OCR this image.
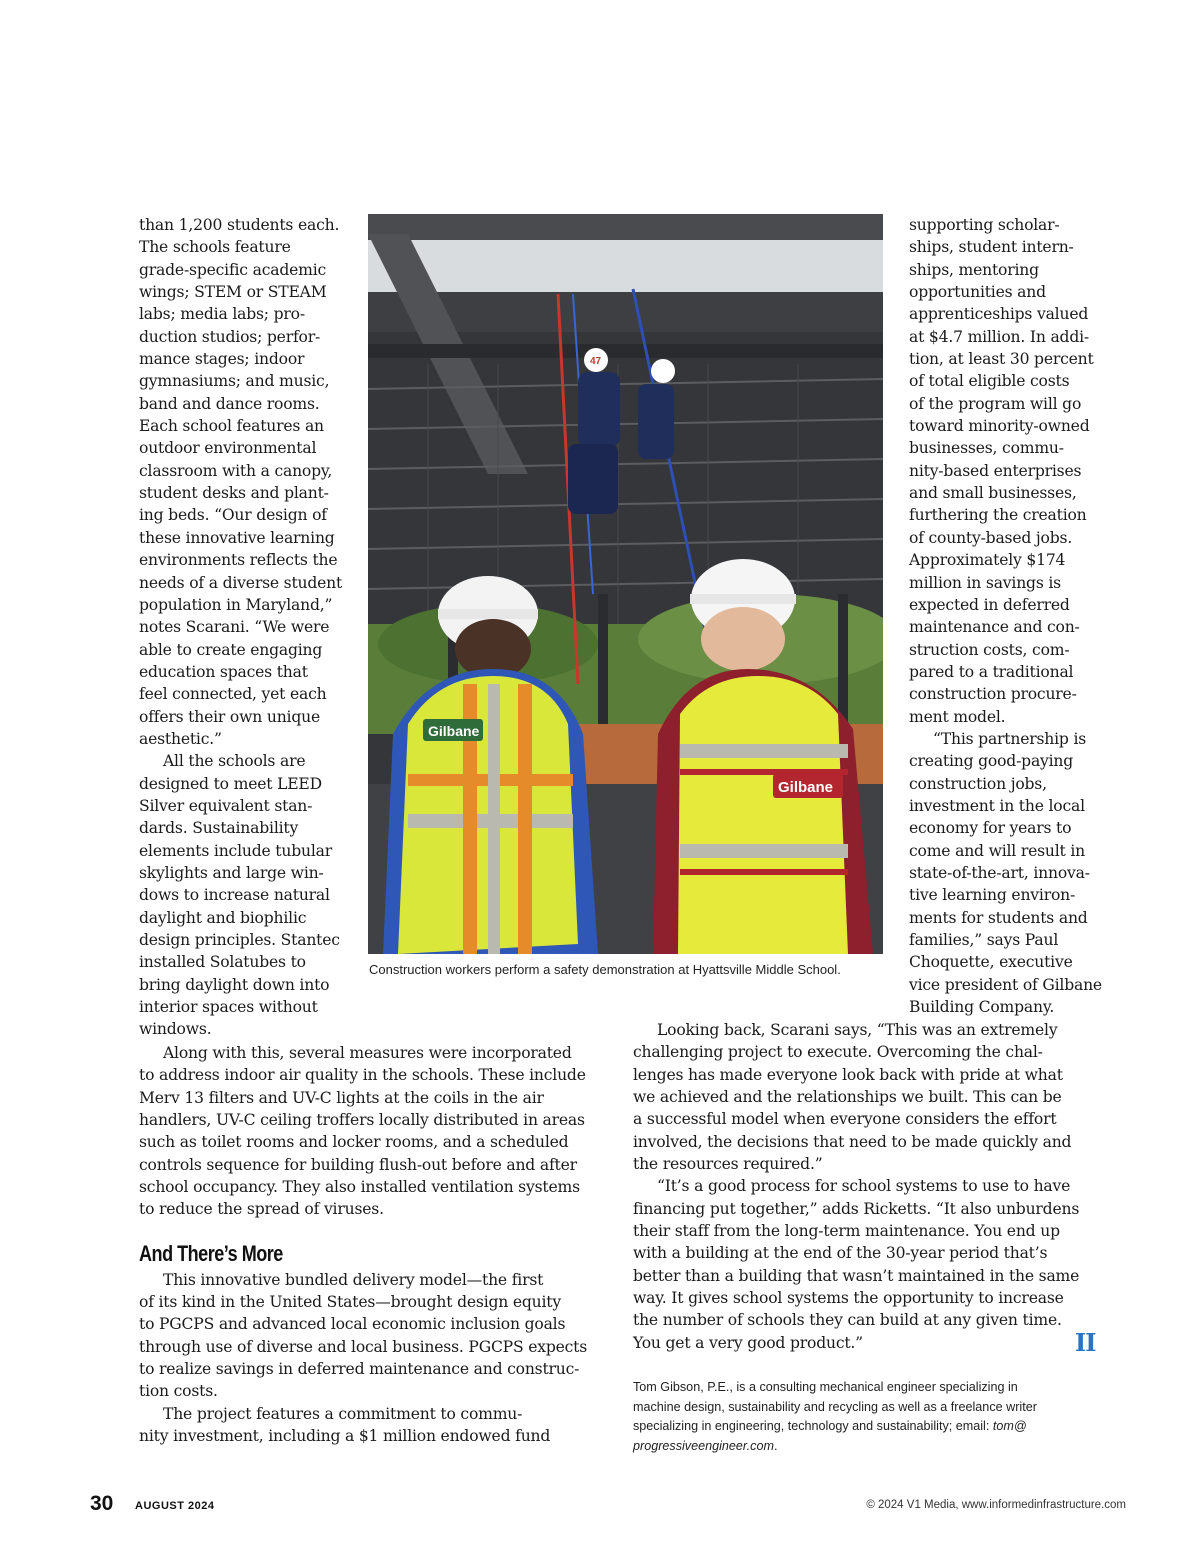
than 1,200 students each.
The schools feature
grade-specific academic
wings; STEM or STEAM
labs; media labs; pro-
duction studios; perfor-
mance stages; indoor
gymnasiums; and music,
band and dance rooms.
Each school features an
outdoor environmental
classroom with a canopy,
student desks and plant-
ing beds. “Our design of
these innovative learning
environments reflects the
needs of a diverse student
population in Maryland,”
notes Scarani. “We were
able to create engaging
education spaces that
feel connected, yet each
offers their own unique
aesthetic.”

All the schools are
designed to meet LEED
Silver equivalent stan-
dards. Sustainability
elements include tubular
skylights and large win-
dows to increase natural
daylight and biophilic
design principles. Stantec
installed Solatubes to
bring daylight down into
interior spaces without
windows.

47
Gilbane
Gilbane
Construction workers perform a safety demonstration at Hyattsville Middle School.

supporting scholar-
ships, student intern-
ships, mentoring
opportunities and
apprenticeships valued
at $4.7 million. In addi-
tion, at least 30 percent
of total eligible costs
of the program will go
toward minority-owned
businesses, commu-
nity-based enterprises
and small businesses,
furthering the creation
of county-based jobs.
Approximately $174
million in savings is
expected in deferred
maintenance and con-
struction costs, com-
pared to a traditional
construction procure-
ment model.

“This partnership is
creating good-paying
construction jobs,
investment in the local
economy for years to
come and will result in
state-of-the-art, innova-
tive learning environ-
ments for students and
families,” says Paul
Choquette, executive
vice president of Gilbane
Building Company.

Along with this, several measures were incorporated
to address indoor air quality in the schools. These include
Merv 13 filters and UV-C lights at the coils in the air
handlers, UV-C ceiling troffers locally distributed in areas
such as toilet rooms and locker rooms, and a scheduled
controls sequence for building flush-out before and after
school occupancy. They also installed ventilation systems
to reduce the spread of viruses.

And There’s More

This innovative bundled delivery model—the first
of its kind in the United States—brought design equity
to PGCPS and advanced local economic inclusion goals
through use of diverse and local business. PGCPS expects
to realize savings in deferred maintenance and construc-
tion costs.

The project features a commitment to commu-
nity investment, including a $1 million endowed fund

Looking back, Scarani says, “This was an extremely
challenging project to execute. Overcoming the chal-
lenges has made everyone look back with pride at what
we achieved and the relationships we built. This can be
a successful model when everyone considers the effort
involved, the decisions that need to be made quickly and
the resources required.”

“It’s a good process for school systems to use to have
financing put together,” adds Ricketts. “It also unburdens
their staff from the long-term maintenance. You end up
with a building at the end of the 30-year period that’s
better than a building that wasn’t maintained in the same
way. It gives school systems the opportunity to increase
the number of schools they can build at any given time.
You get a very good product.”	II
Tom Gibson, P.E., is a consulting mechanical engineer specializing in
machine design, sustainability and recycling as well as a freelance writer
specializing in engineering, technology and sustainability; email: tom@
progressiveengineer.com.
30 AUGUST 2024	© 2024 V1 Media, www.informedinfrastructure.com
